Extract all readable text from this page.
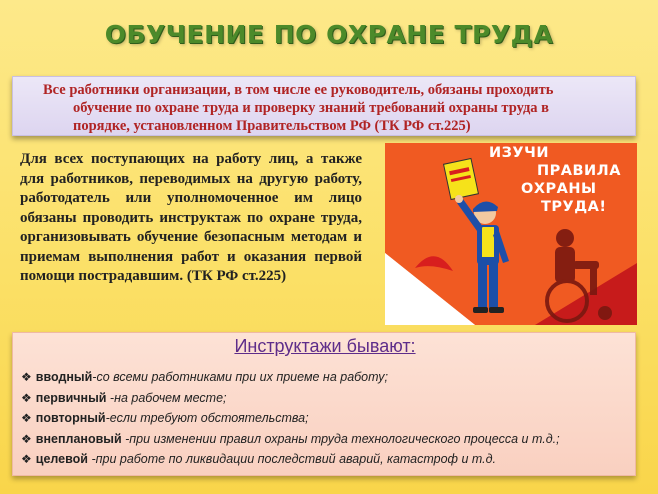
ОБУЧЕНИЕ ПО ОХРАНЕ ТРУДА
Все работники организации, в том числе ее руководитель, обязаны проходить
обучение по охране труда и проверку знаний требований охраны труда в
порядке, установленном Правительством РФ (ТК РФ ст.225)
Для всех поступающих на работу лиц, а также для работников, переводимых на другую работу, работодатель или уполномоченное им лицо обязаны проводить инструктаж по охране труда, организовывать обучение безопасным методам и приемам выполнения работ и оказания первой помощи пострадавшим. (ТК РФ ст.225)
ИЗУЧИ
ПРАВИЛА
ОХРАНЫ
ТРУДА!
Инструктажи бывают:
❖ вводный-со всеми работниками при их приеме на работу;
❖ первичный -на рабочем месте;
❖ повторный-если требуют обстоятельства;
❖ внеплановый -при изменении правил охраны труда технологического процесса и т.д.;
❖ целевой -при работе по ликвидации последствий аварий, катастроф и т.д.
